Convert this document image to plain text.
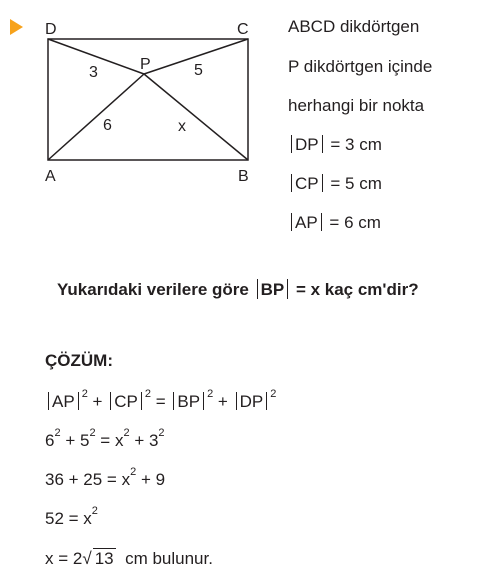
D	C
A	B
P
3	5
6	x
ABCD dikdörtgen
P dikdörtgen içinde
herhangi bir nokta
DP = 3 cm
CP = 5 cm
AP = 6 cm
Yukarıdaki verilere göre BP = x kaç cm'dir?
ÇÖZÜM:
AP $^2$ + CP $^2$ = BP $^2$ + DP $^2$
$6^2 + 5^2 = x^2 + 3^2$
$36 + 25 = x^2 + 9$
$52 = x^2$
x = 2√ 13 cm bulunur.
